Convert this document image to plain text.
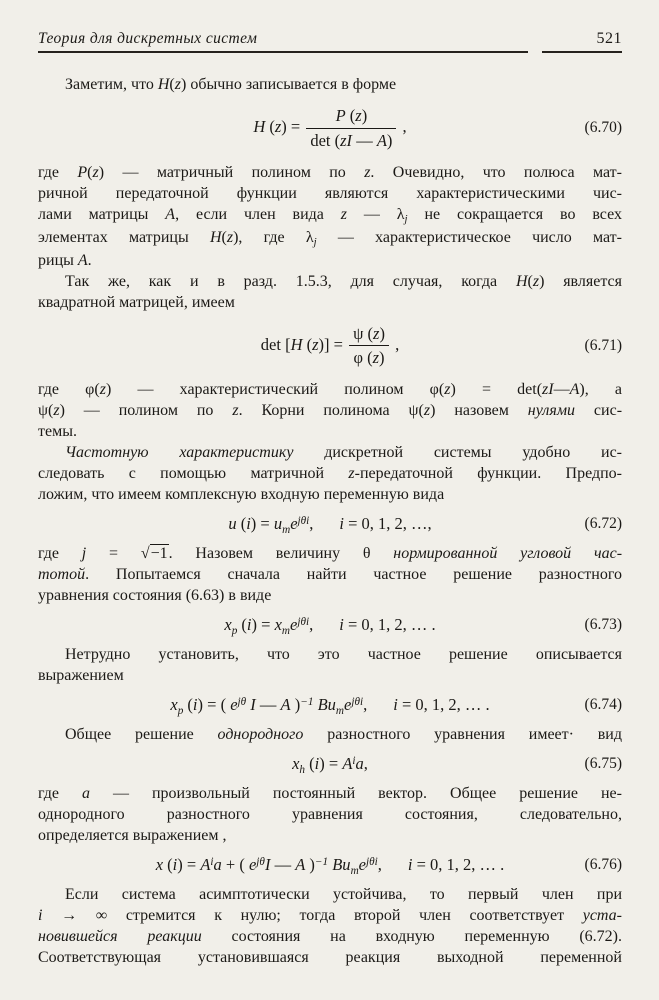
Теория для дискретных систем	521
Заметим, что H(z) обычно записывается в форме
H $(z) = \frac{P (z)}{\det (zI — A)}$ ,	(6.70)
где P(z) — матричный полином по z. Очевидно, что полюса мат-
ричной передаточной функции являются характеристическими чис-
лами матрицы A, если член вида z — $\lambda_j$ не сокращается во всех
элементах матрицы H(z), где $\lambda_j$ — характеристическое число мат-
рицы A.
Так же, как и в разд. 1.5.3, для случая, когда H(z) является
квадратной матрицей, имеем
det [H $(z)] = \frac{\psi (z)}{\varphi (z)}$ ,	(6.71)
где φ(z) — характеристический полином φ(z) = det(zI—A), а
ψ(z) — полином по z. Корни полинома ψ(z) назовем нулями сис-
темы.
Частотную характеристику дискретной системы удобно ис-
следовать с помощью матричной z-передаточной функции. Предпо-
ложим, что имеем комплексную входную переменную вида
u $(i) = u_me^{j\theta i}$, i = 0, 1, 2, …,	(6.72)
где j = √−1. Назовем величину θ нормированной угловой час-
тотой. Попытаемся сначала найти частное решение разностного
уравнения состояния (6.63) в виде
$x_p$ $(i) = x_me^{j\theta i}$, i = 0, 1, 2, … .	(6.73)
Нетрудно установить, что это частное решение описывается
выражением
$x_p$ (i) = ( $e^{j\theta}$ I — A )$^{-1}$ $Bu_me^{j\theta i}$, i = 0, 1, 2, … .	(6.74)
Общее решение однородного разностного уравнения имеет· вид
$x_h$ $(i) = A^ia$,	(6.75)
где a — произвольный постоянный вектор. Общее решение не-
однородного разностного уравнения состояния, следовательно,
определяется выражением ,
x $(i) = A^ia$ + ( $e^{j\theta}I$ — A )$^{-1}$ $Bu_me^{j\theta i}$, i = 0, 1, 2, … .	(6.76)
Если система асимптотически устойчива, то первый член при
i → ∞ стремится к нулю; тогда второй член соответствует уста-
новившейся реакции состояния на входную переменную (6.72).
Соответствующая установившаяся реакция выходной переменной
